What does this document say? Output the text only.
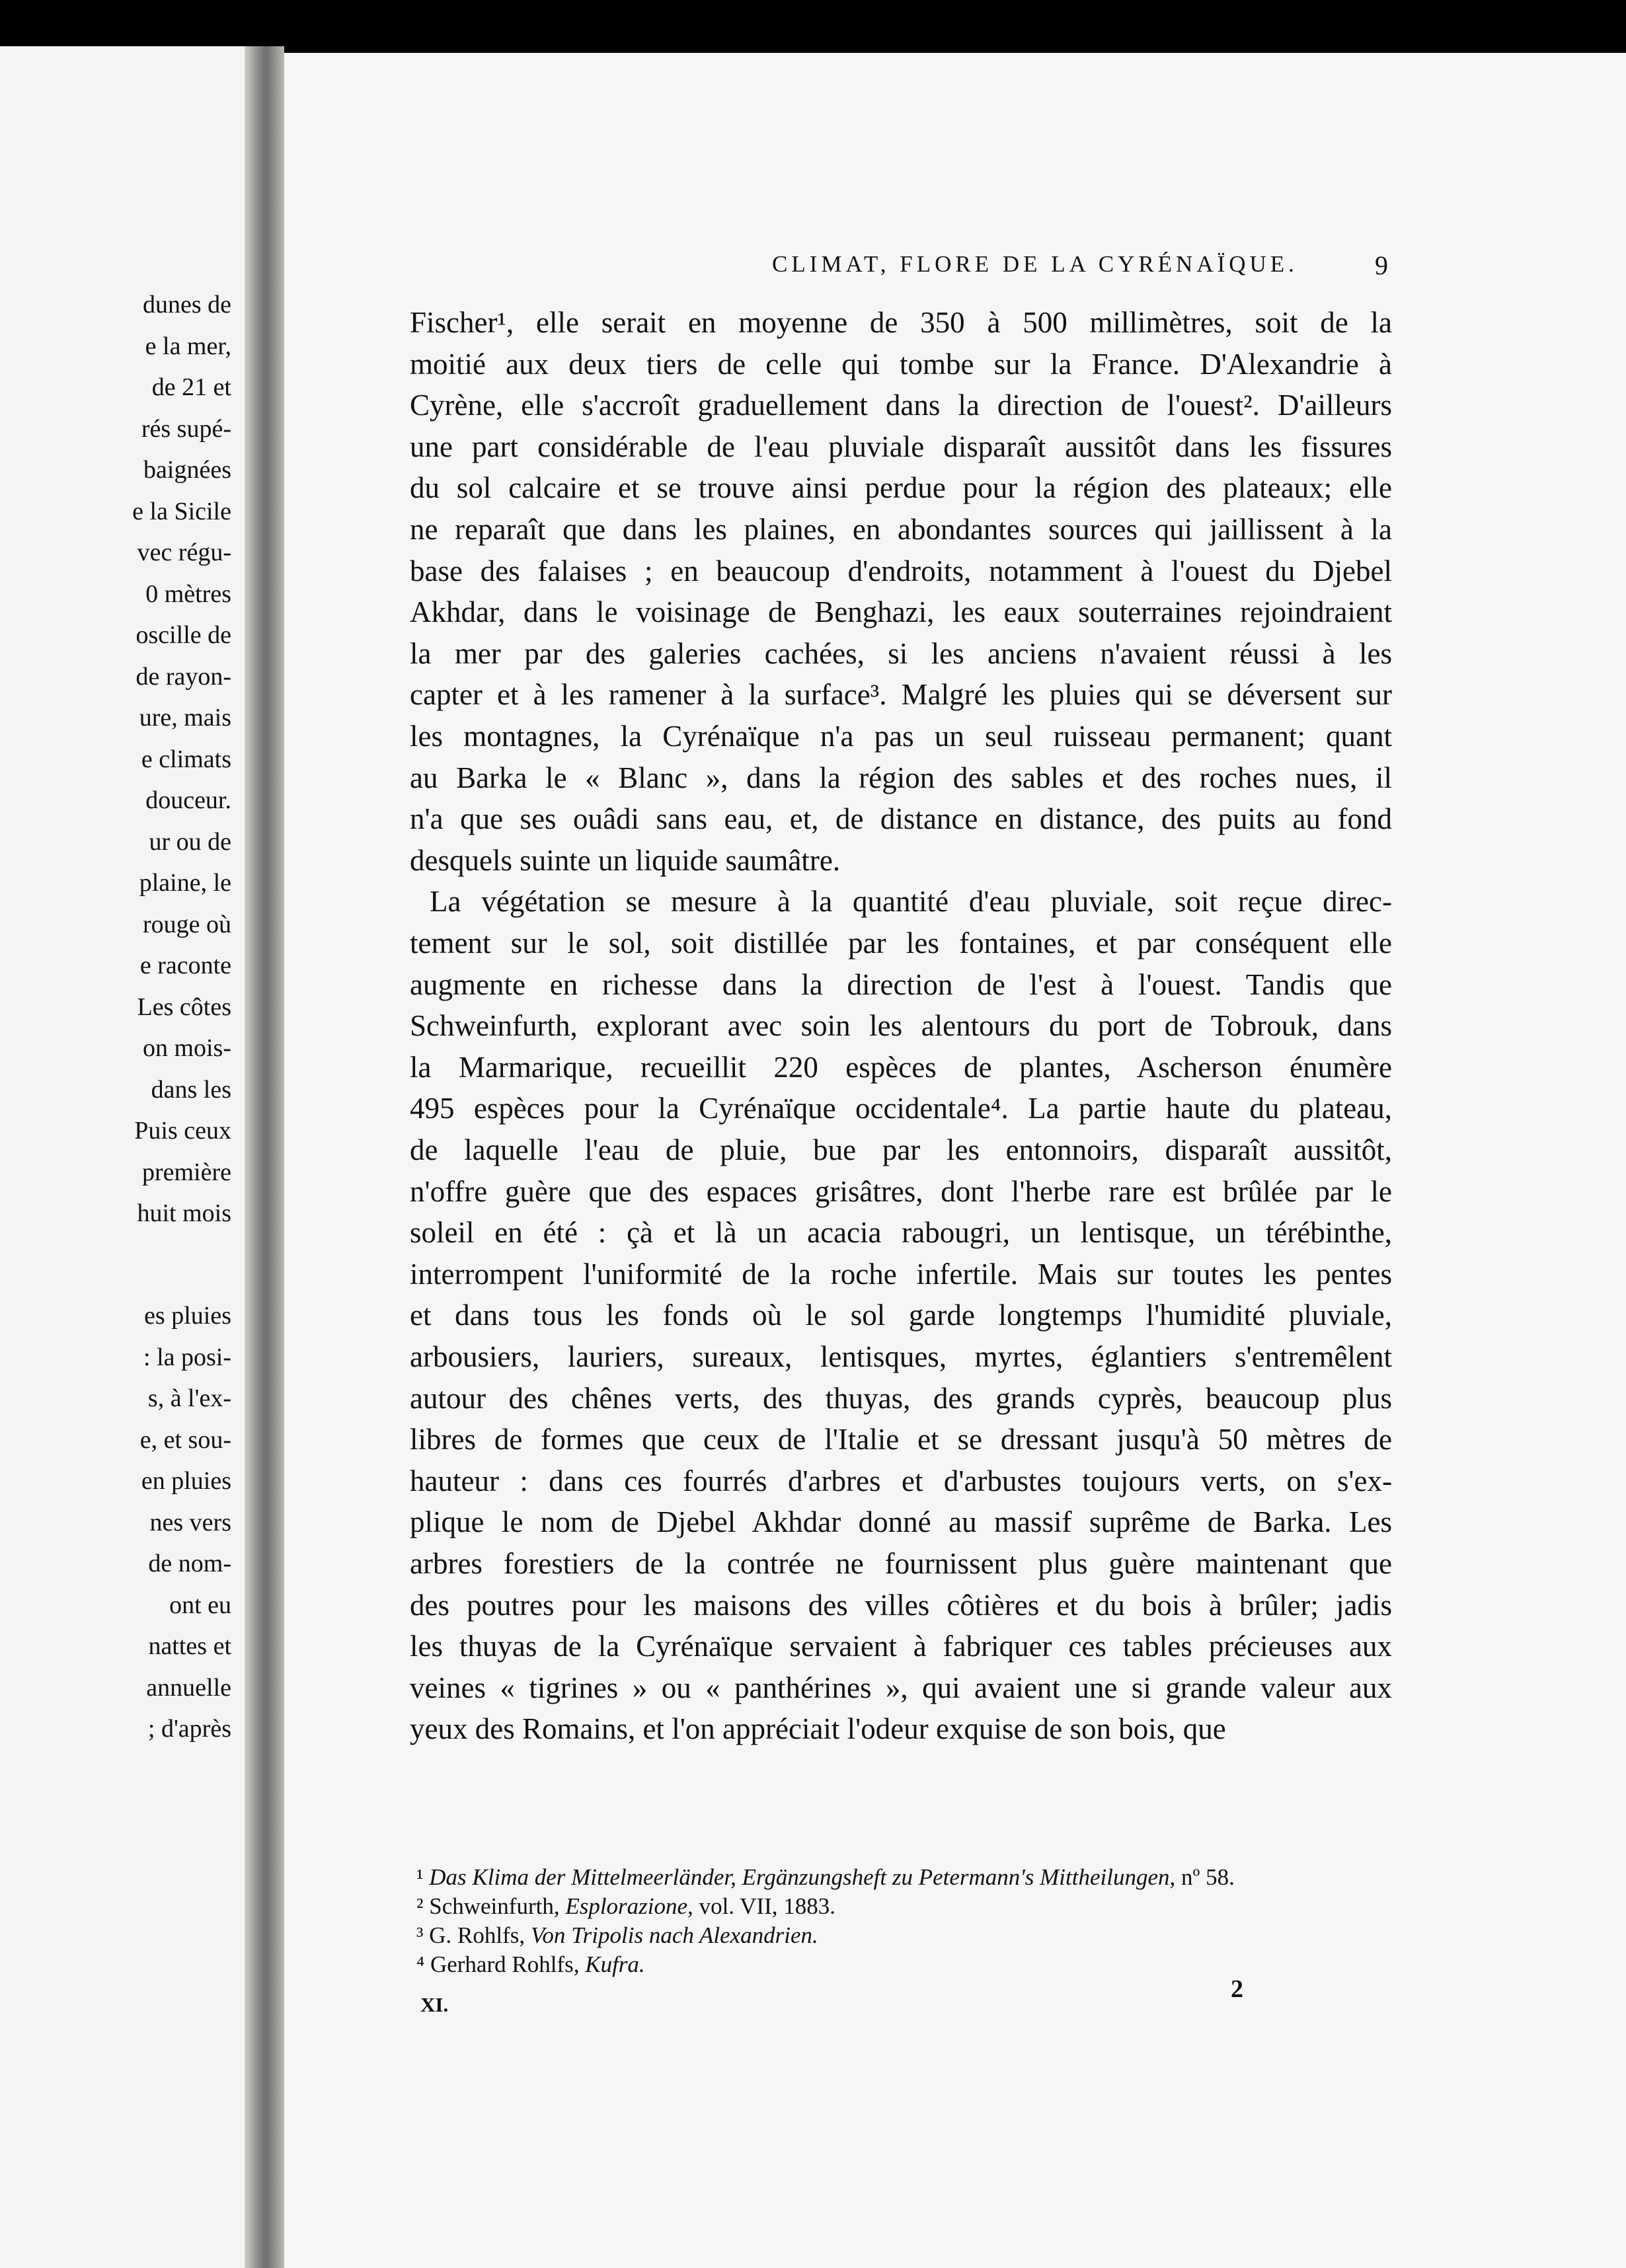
dunes de
e la mer,
de 21 et
rés supé-
baignées
e la Sicile
vec régu-
0 mètres
oscille de
de rayon-
ure, mais
e climats
douceur.
ur ou de
plaine, le
rouge où
e raconte
Les côtes
on mois-
dans les
Puis ceux
première
huit mois
es pluies
: la posi-
s, à l'ex-
e, et sou-
en pluies
nes vers
de nom-
ont eu
nattes et
annuelle
; d'après
CLIMAT, FLORE DE LA CYRÉNAÏQUE.	9
Fischer¹, elle serait en moyenne de 350 à 500 millimètres, soit de la
moitié aux deux tiers de celle qui tombe sur la France. D'Alexandrie à
Cyrène, elle s'accroît graduellement dans la direction de l'ouest². D'ailleurs
une part considérable de l'eau pluviale disparaît aussitôt dans les fissures
du sol calcaire et se trouve ainsi perdue pour la région des plateaux; elle
ne reparaît que dans les plaines, en abondantes sources qui jaillissent à la
base des falaises ; en beaucoup d'endroits, notamment à l'ouest du Djebel
Akhdar, dans le voisinage de Benghazi, les eaux souterraines rejoindraient
la mer par des galeries cachées, si les anciens n'avaient réussi à les
capter et à les ramener à la surface³. Malgré les pluies qui se déversent sur
les montagnes, la Cyrénaïque n'a pas un seul ruisseau permanent; quant
au Barka le « Blanc », dans la région des sables et des roches nues, il
n'a que ses ouâdi sans eau, et, de distance en distance, des puits au fond
desquels suinte un liquide saumâtre.
La végétation se mesure à la quantité d'eau pluviale, soit reçue direc-
tement sur le sol, soit distillée par les fontaines, et par conséquent elle
augmente en richesse dans la direction de l'est à l'ouest. Tandis que
Schweinfurth, explorant avec soin les alentours du port de Tobrouk, dans
la Marmarique, recueillit 220 espèces de plantes, Ascherson énumère
495 espèces pour la Cyrénaïque occidentale⁴. La partie haute du plateau,
de laquelle l'eau de pluie, bue par les entonnoirs, disparaît aussitôt,
n'offre guère que des espaces grisâtres, dont l'herbe rare est brûlée par le
soleil en été : çà et là un acacia rabougri, un lentisque, un térébinthe,
interrompent l'uniformité de la roche infertile. Mais sur toutes les pentes
et dans tous les fonds où le sol garde longtemps l'humidité pluviale,
arbousiers, lauriers, sureaux, lentisques, myrtes, églantiers s'entremêlent
autour des chênes verts, des thuyas, des grands cyprès, beaucoup plus
libres de formes que ceux de l'Italie et se dressant jusqu'à 50 mètres de
hauteur : dans ces fourrés d'arbres et d'arbustes toujours verts, on s'ex-
plique le nom de Djebel Akhdar donné au massif suprême de Barka. Les
arbres forestiers de la contrée ne fournissent plus guère maintenant que
des poutres pour les maisons des villes côtières et du bois à brûler; jadis
les thuyas de la Cyrénaïque servaient à fabriquer ces tables précieuses aux
veines « tigrines » ou « panthérines », qui avaient une si grande valeur aux
yeux des Romains, et l'on appréciait l'odeur exquise de son bois, que
¹ Das Klima der Mittelmeerländer, Ergänzungsheft zu Petermann's Mittheilungen, nº 58.
² Schweinfurth, Esplorazione, vol. VII, 1883.
³ G. Rohlfs, Von Tripolis nach Alexandrien.
⁴ Gerhard Rohlfs, Kufra.
XI.
2
